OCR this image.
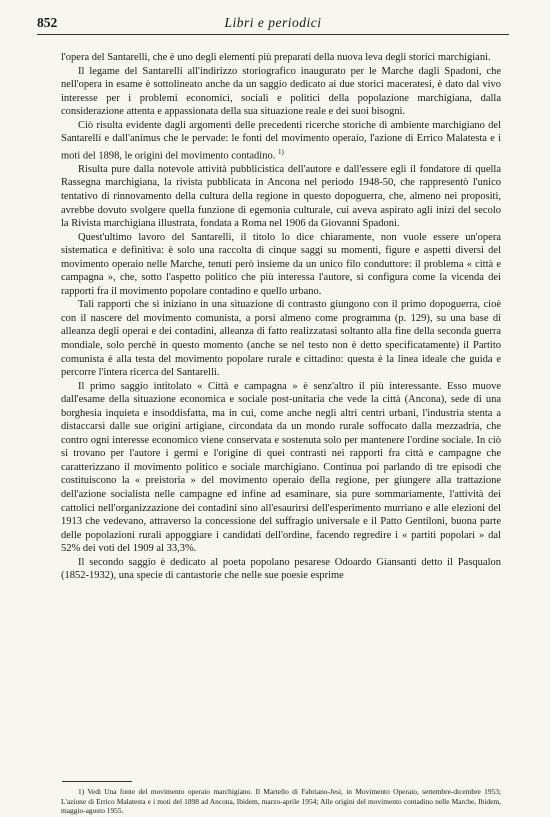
852	Libri e periodici

l'opera del Santarelli, che è uno degli elementi più preparati della nuova leva degli storici marchigiani.

Il legame del Santarelli all'indirizzo storiografico inaugurato per le Marche dagli Spadoni, che nell'opera in esame è sottolineato anche da un saggio dedicato ai due storici maceratesi, è dato dal vivo interesse per i problemi economici, sociali e politici della popolazione marchigiana, dalla considerazione attenta e appassionata della sua situazione reale e dei suoi bisogni.

Ciò risulta evidente dagli argomenti delle precedenti ricerche storiche di ambiente marchigiano del Santarelli e dall'animus che le pervade: le fonti del movimento operaio, l'azione di Errico Malatesta e i moti del 1898, le origini del movimento contadino. $^{1)}$

Risulta pure dalla notevole attività pubblicistica dell'autore e dall'essere egli il fondatore di quella Rassegna marchigiana, la rivista pubblicata in Ancona nel periodo 1948-50, che rappresentò l'unico tentativo di rinnovamento della cultura della regione in questo dopoguerra, che, almeno nei propositi, avrebbe dovuto svolgere quella funzione di egemonia culturale, cui aveva aspirato agli inizi del secolo la Rivista marchigiana illustrata, fondata a Roma nel 1906 da Giovanni Spadoni.

Quest'ultimo lavoro del Santarelli, il titolo lo dice chiaramente, non vuole essere un'opera sistematica e definitiva: è solo una raccolta di cinque saggi su momenti, figure e aspetti diversi del movimento operaio nelle Marche, tenuti però insieme da un unico filo conduttore: il problema « città e campagna », che, sotto l'aspetto politico che più interessa l'autore, si configura come la vicenda dei rapporti fra il movimento popolare contadino e quello urbano.

Tali rapporti che si iniziano in una situazione di contrasto giungono con il primo dopoguerra, cioè con il nascere del movimento comunista, a porsi almeno come programma (p. 129), su una base di alleanza degli operai e dei contadini, alleanza di fatto realizzatasi soltanto alla fine della seconda guerra mondiale, solo perchè in questo momento (anche se nel testo non è detto specificatamente) il Partito comunista è alla testa del movimento popolare rurale e cittadino: questa è la linea ideale che guida e percorre l'intera ricerca del Santarelli.

Il primo saggio intitolato « Città e campagna » è senz'altro il più interessante. Esso muove dall'esame della situazione economica e sociale post-unitaria che vede la città (Ancona), sede di una borghesia inquieta e insoddisfatta, ma in cui, come anche negli altri centri urbani, l'industria stenta a distaccarsi dalle sue origini artigiane, circondata da un mondo rurale soffocato dalla mezzadria, che contro ogni interesse economico viene conservata e sostenuta solo per mantenere l'ordine sociale. In ciò si trovano per l'autore i germi e l'origine di quei contrasti nei rapporti fra città e campagne che caratterizzano il movimento politico e sociale marchigiano. Continua poi parlando di tre episodi che costituiscono la « preistoria » del movimento operaio della regione, per giungere alla trattazione dell'azione socialista nelle campagne ed infine ad esaminare, sia pure sommariamente, l'attività dei cattolici nell'organizzazione dei contadini sino all'esaurirsi dell'esperimento murriano e alle elezioni del 1913 che vedevano, attraverso la concessione del suffragio universale e il Patto Gentiloni, buona parte delle popolazioni rurali appoggiare i candidati dell'ordine, facendo regredire i « partiti popolari » dal 52% dei voti del 1909 al 33,3%.

Il secondo saggio è dedicato al poeta popolano pesarese Odoardo Giansanti detto il Pasqualon (1852-1932), una specie di cantastorie che nelle sue poesie esprime

1) Vedi Una fonte del movimento operaio marchigiano. Il Martello di Fabriano-Jesi, in Movimento Operaio, settembre-dicembre 1953; L'azione di Errico Malatesta e i moti del 1898 ad Ancona, Ibidem, marzo-aprile 1954; Alle origini del movimento contadino nelle Marche, Ibidem, maggio-agosto 1955.
